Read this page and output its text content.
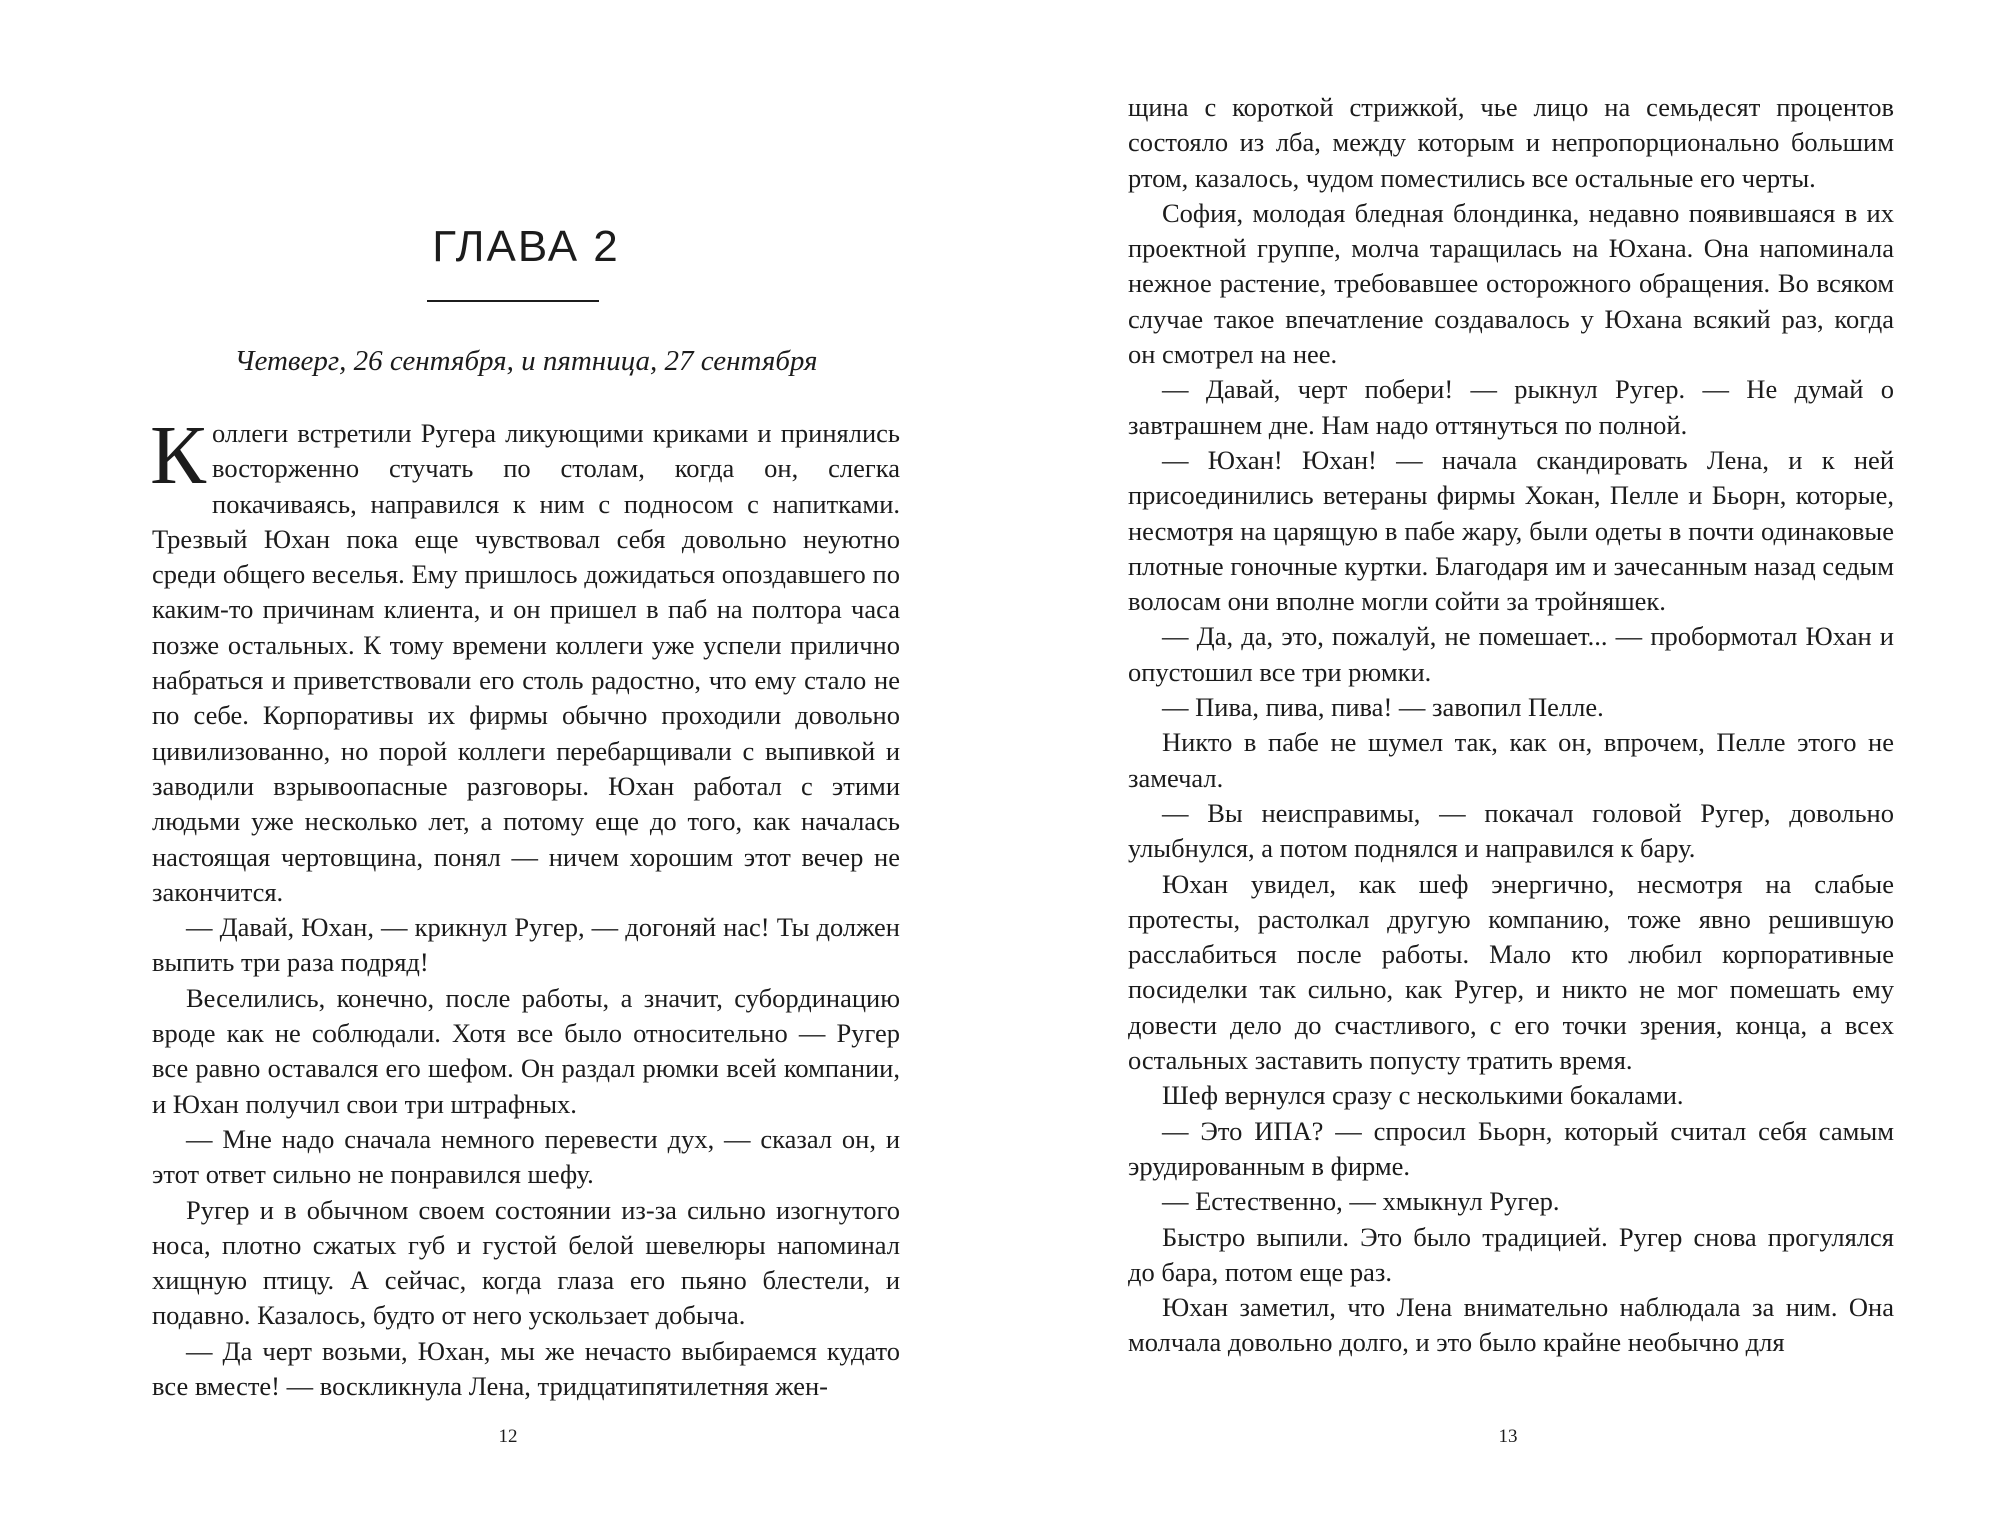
ГЛАВА 2

Четверг, 26 сентября, и пятница, 27 сентября

Коллеги встретили Ругера ликующими криками и принялись восторженно стучать по столам, когда он, слегка покачиваясь, направился к ним с подносом с напитками. Трезвый Юхан пока еще чувствовал себя довольно неуютно среди общего веселья. Ему пришлось дожидаться опоздавшего по каким-то причинам клиента, и он пришел в паб на полтора часа позже остальных. К тому времени коллеги уже успели прилично набраться и приветствовали его столь радостно, что ему стало не по себе. Корпоративы их фирмы обычно проходили довольно цивилизованно, но порой коллеги перебарщивали с выпивкой и заводили взрывоопасные разговоры. Юхан работал с этими людьми уже несколько лет, а потому еще до того, как началась настоящая чертовщина, понял — ничем хорошим этот вечер не закончится.

— Давай, Юхан, — крикнул Ругер, — догоняй нас! Ты должен выпить три раза подряд!

Веселились, конечно, после работы, а значит, субординацию вроде как не соблюдали. Хотя все было относительно — Ругер все равно оставался его шефом. Он раздал рюмки всей компании, и Юхан получил свои три штрафных.

— Мне надо сначала немного перевести дух, — сказал он, и этот ответ сильно не понравился шефу.

Ругер и в обычном своем состоянии из-за сильно изогнутого носа, плотно сжатых губ и густой белой шевелюры напоминал хищную птицу. А сейчас, когда глаза его пьяно блестели, и подавно. Казалось, будто от него ускользает добыча.

— Да черт возьми, Юхан, мы же нечасто выбираемся кудато все вместе! — воскликнула Лена, тридцатипятилетняя жен-

12

щина с короткой стрижкой, чье лицо на семьдесят процентов состояло из лба, между которым и непропорционально большим ртом, казалось, чудом поместились все остальные его черты.

София, молодая бледная блондинка, недавно появившаяся в их проектной группе, молча таращилась на Юхана. Она напоминала нежное растение, требовавшее осторожного обращения. Во всяком случае такое впечатление создавалось у Юхана всякий раз, когда он смотрел на нее.

— Давай, черт побери! — рыкнул Ругер. — Не думай о завтрашнем дне. Нам надо оттянуться по полной.

— Юхан! Юхан! — начала скандировать Лена, и к ней присоединились ветераны фирмы Хокан, Пелле и Бьорн, которые, несмотря на царящую в пабе жару, были одеты в почти одинаковые плотные гоночные куртки. Благодаря им и зачесанным назад седым волосам они вполне могли сойти за тройняшек.

— Да, да, это, пожалуй, не помешает... — пробормотал Юхан и опустошил все три рюмки.

— Пива, пива, пива! — завопил Пелле.

Никто в пабе не шумел так, как он, впрочем, Пелле этого не замечал.

— Вы неисправимы, — покачал головой Ругер, довольно улыбнулся, а потом поднялся и направился к бару.

Юхан увидел, как шеф энергично, несмотря на слабые протесты, растолкал другую компанию, тоже явно решившую расслабиться после работы. Мало кто любил корпоративные посиделки так сильно, как Ругер, и никто не мог помешать ему довести дело до счастливого, с его точки зрения, конца, а всех остальных заставить попусту тратить время.

Шеф вернулся сразу с несколькими бокалами.

— Это ИПА? — спросил Бьорн, который считал себя самым эрудированным в фирме.

— Естественно, — хмыкнул Ругер.

Быстро выпили. Это было традицией. Ругер снова прогулялся до бара, потом еще раз.

Юхан заметил, что Лена внимательно наблюдала за ним. Она молчала довольно долго, и это было крайне необычно для

13
